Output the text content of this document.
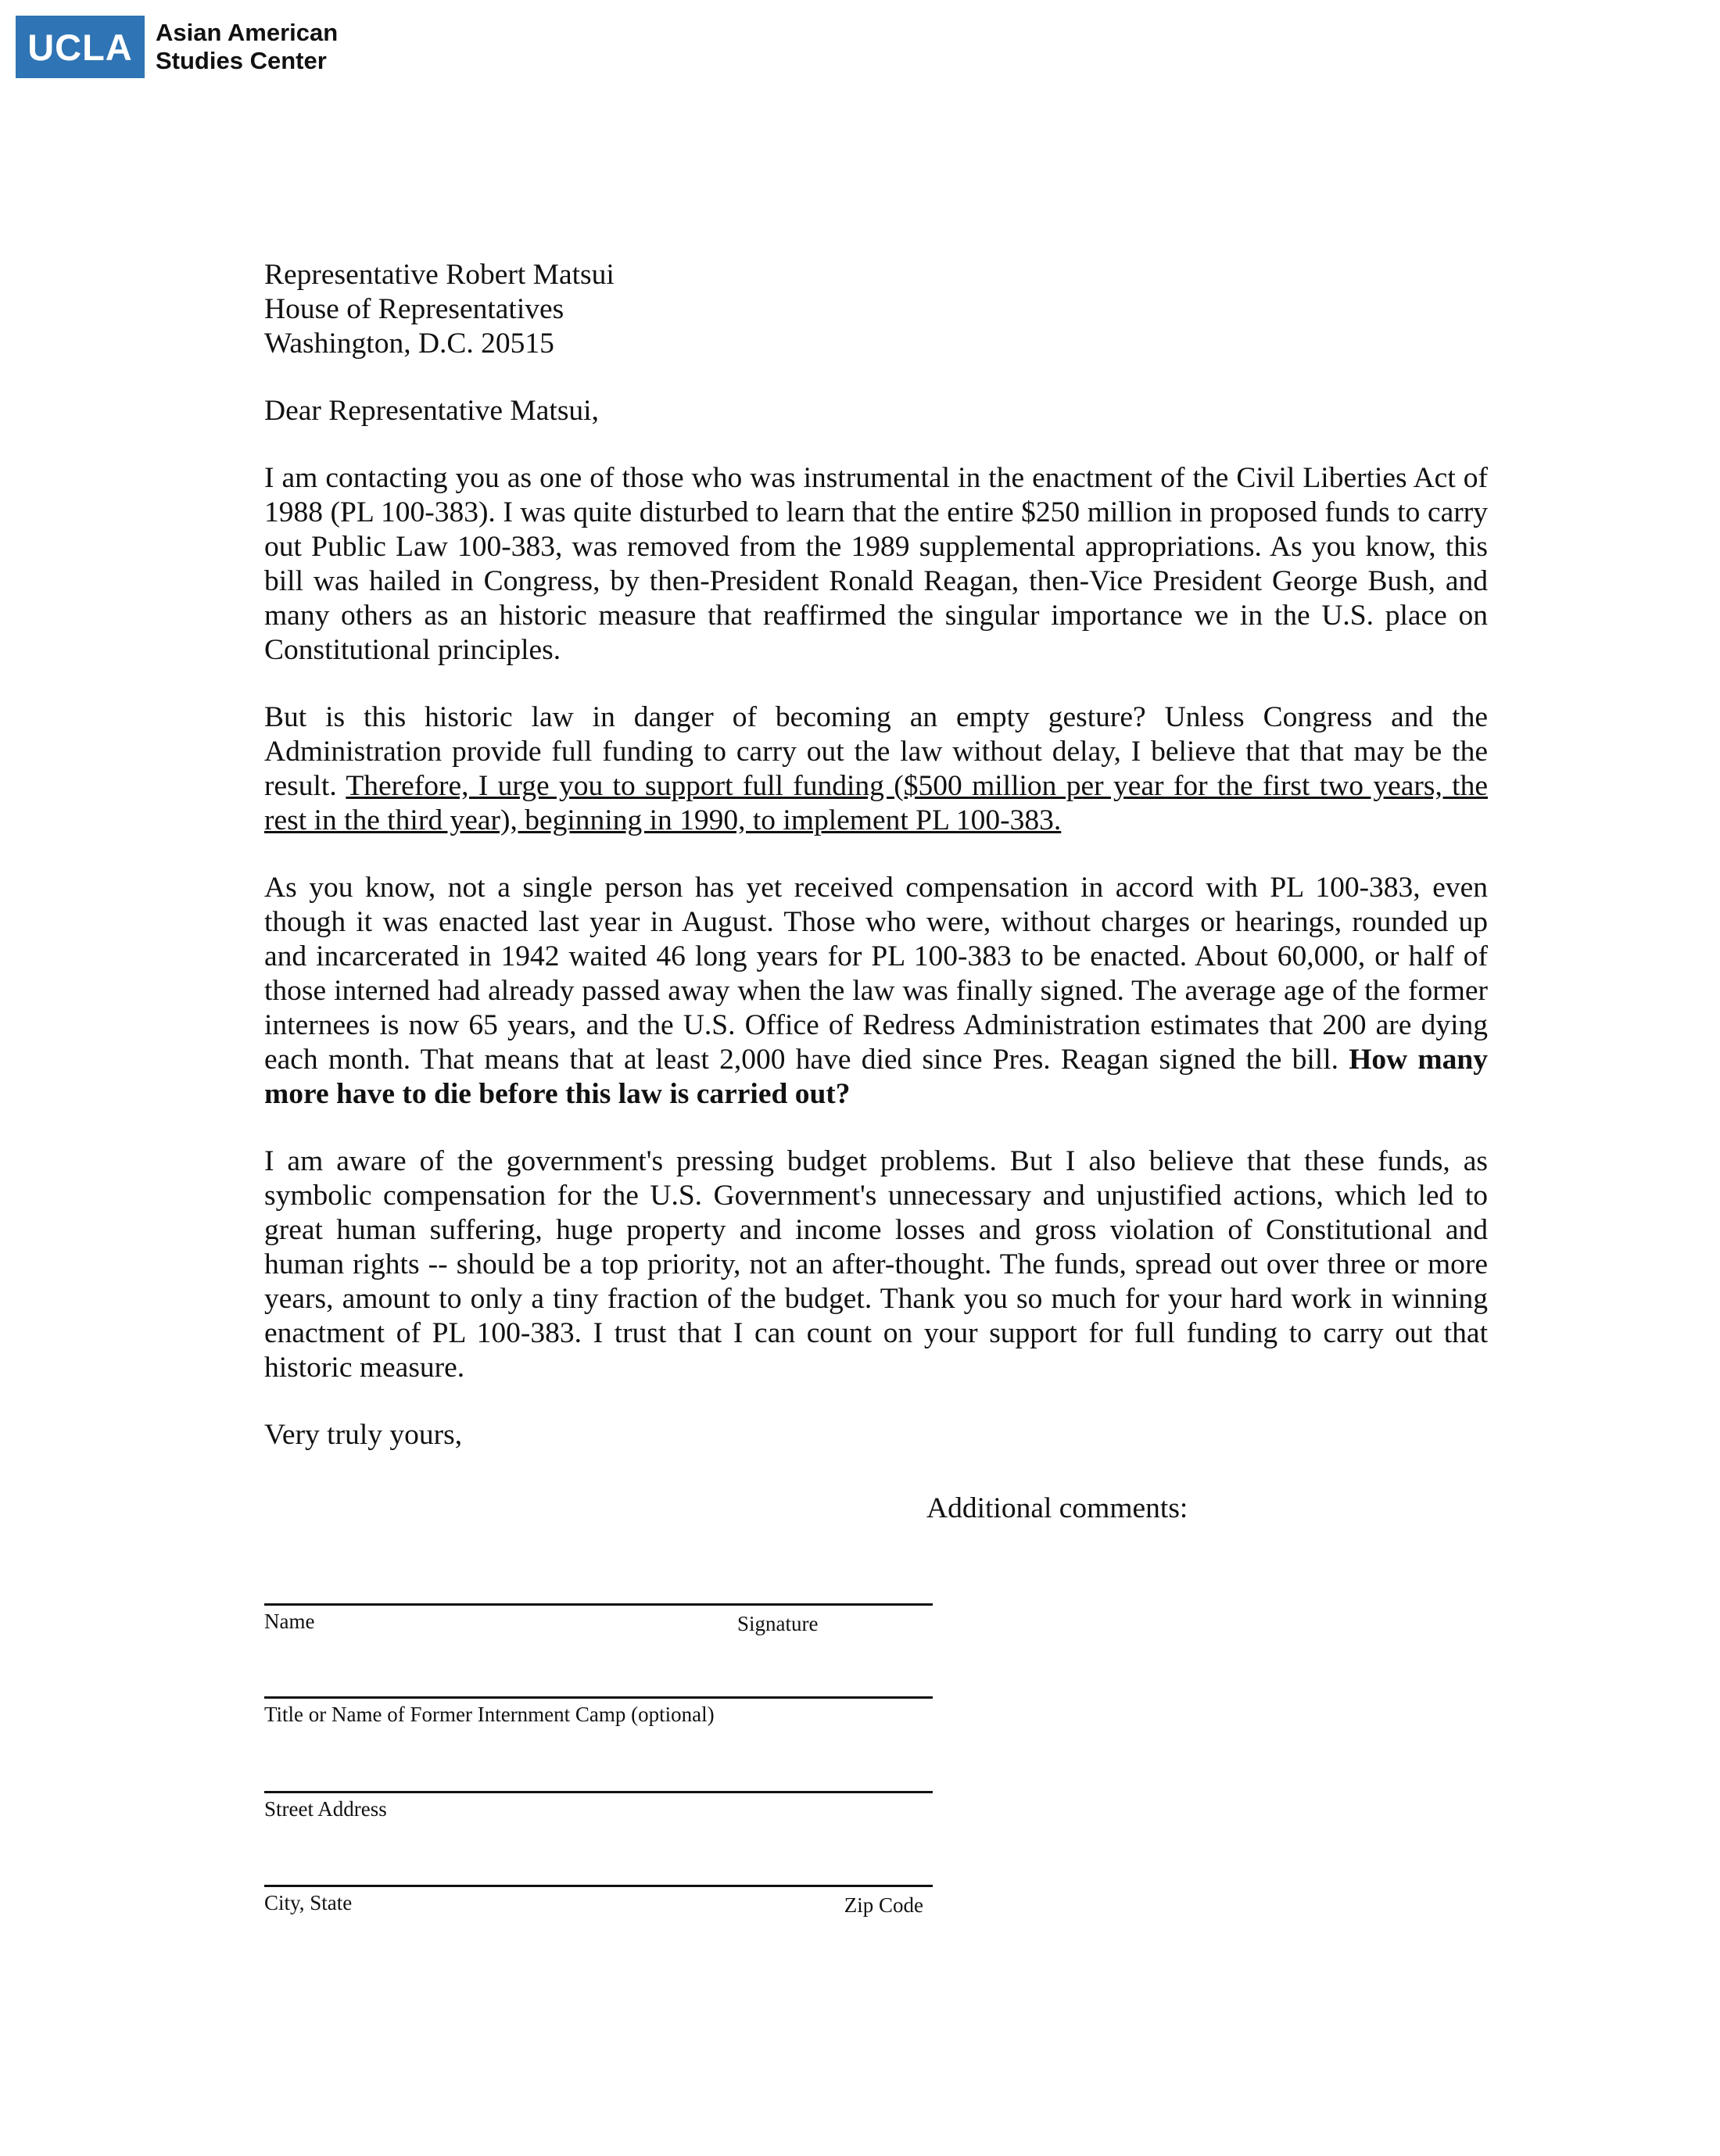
UCLA Asian American
Studies Center
Representative Robert Matsui
House of Representatives
Washington, D.C. 20515
Dear Representative Matsui,
I am contacting you as one of those who was instrumental in the enactment of the Civil Liberties Act of 1988 (PL 100-383). I was quite disturbed to learn that the entire $250 million in proposed funds to carry out Public Law 100-383, was removed from the 1989 supplemental appropriations. As you know, this bill was hailed in Congress, by then-President Ronald Reagan, then-Vice President George Bush, and many others as an historic measure that reaffirmed the singular importance we in the U.S. place on Constitutional principles.
But is this historic law in danger of becoming an empty gesture? Unless Congress and the Administration provide full funding to carry out the law without delay, I believe that that may be the result. Therefore, I urge you to support full funding ($500 million per year for the first two years, the rest in the third year), beginning in 1990, to implement PL 100-383.
As you know, not a single person has yet received compensation in accord with PL 100-383, even though it was enacted last year in August. Those who were, without charges or hearings, rounded up and incarcerated in 1942 waited 46 long years for PL 100-383 to be enacted. About 60,000, or half of those interned had already passed away when the law was finally signed. The average age of the former internees is now 65 years, and the U.S. Office of Redress Administration estimates that 200 are dying each month. That means that at least 2,000 have died since Pres. Reagan signed the bill. How many more have to die before this law is carried out?
I am aware of the government's pressing budget problems. But I also believe that these funds, as symbolic compensation for the U.S. Government's unnecessary and unjustified actions, which led to great human suffering, huge property and income losses and gross violation of Constitutional and human rights -- should be a top priority, not an after-thought. The funds, spread out over three or more years, amount to only a tiny fraction of the budget. Thank you so much for your hard work in winning enactment of PL 100-383. I trust that I can count on your support for full funding to carry out that historic measure.
Very truly yours,
Additional comments:
Name	Signature
Title or Name of Former Internment Camp (optional)
Street Address
City, State	Zip Code
